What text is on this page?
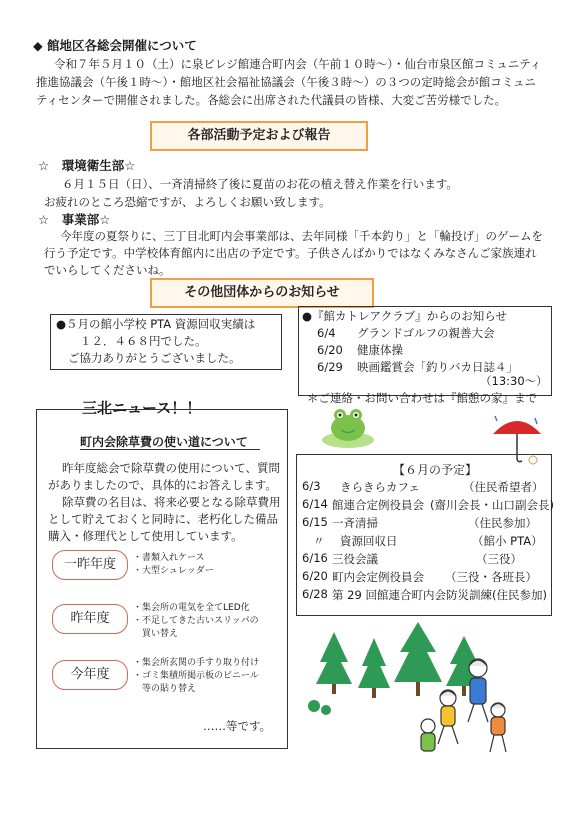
◆ 館地区各総会開催について
令和７年５月１０（土）に泉ビレジ館連合町内会（午前１０時～）・仙台市泉区館コミュニティ
推進協議会（午後１時～）・館地区社会福祉協議会（午後３時～）の３つの定時総会が館コミュニ
ティセンターで開催されました。各総会に出席された代議員の皆様、大変ご苦労様でした。
各部活動予定および報告
☆　環境衛生部☆
６月１５日（日）、一斉清掃終了後に夏苗のお花の植え替え作業を行います。
お疲れのところ恐縮ですが、よろしくお願い致します。
☆　事業部☆
今年度の夏祭りに、三丁目北町内会事業部は、去年同様「千本釣り」と「輪投げ」のゲームを
行う予定です。中学校体育館内に出店の予定です。子供さんばかりではなくみなさんご家族連れ
でいらしてくださいね。
その他団体からのお知らせ
●５月の館小学校 PTA 資源回収実績は
１２．４６８円でした。
ご協力ありがとうございました。
●『館カトレアクラブ』からのお知らせ
6/4 グランドゴルフの親善大会
6/20 健康体操
6/29 映画鑑賞会「釣りバカ日誌４」
（13:30～）
＊ご連絡・お問い合わせは『館憩の家』まで
三北ニュース！！
町内会除草費の使い道について
昨年度総会で除草費の使用について、質問
がありましたので、具体的にお答えします。
除草費の名目は、将来必要となる除草費用
として貯えておくと同時に、老朽化した備品
購入・修理代として使用しています。
一昨年度	・書類入れケース
・大型シュレッダー
昨年度
・集会所の電気を全てLED化
・不足してきた古いスリッパの
　買い替え
今年度
・集会所玄関の手すり取り付け
・ゴミ集積所掲示板のビニール
　等の貼り替え
……等です。
【６月の予定】
6/3 きらきらカフェ	（住民希望者）
6/14 館連合定例役員会 (齋川会長・山口副会長)
6/15 一斉清掃	（住民参加）
〃 資源回収日	（館小 PTA）
6/16 三役会議	（三役）
6/20 町内会定例役員会 （三役・各班長）
6/28 第 29 回館連合町内会防災訓練 (住民参加)
